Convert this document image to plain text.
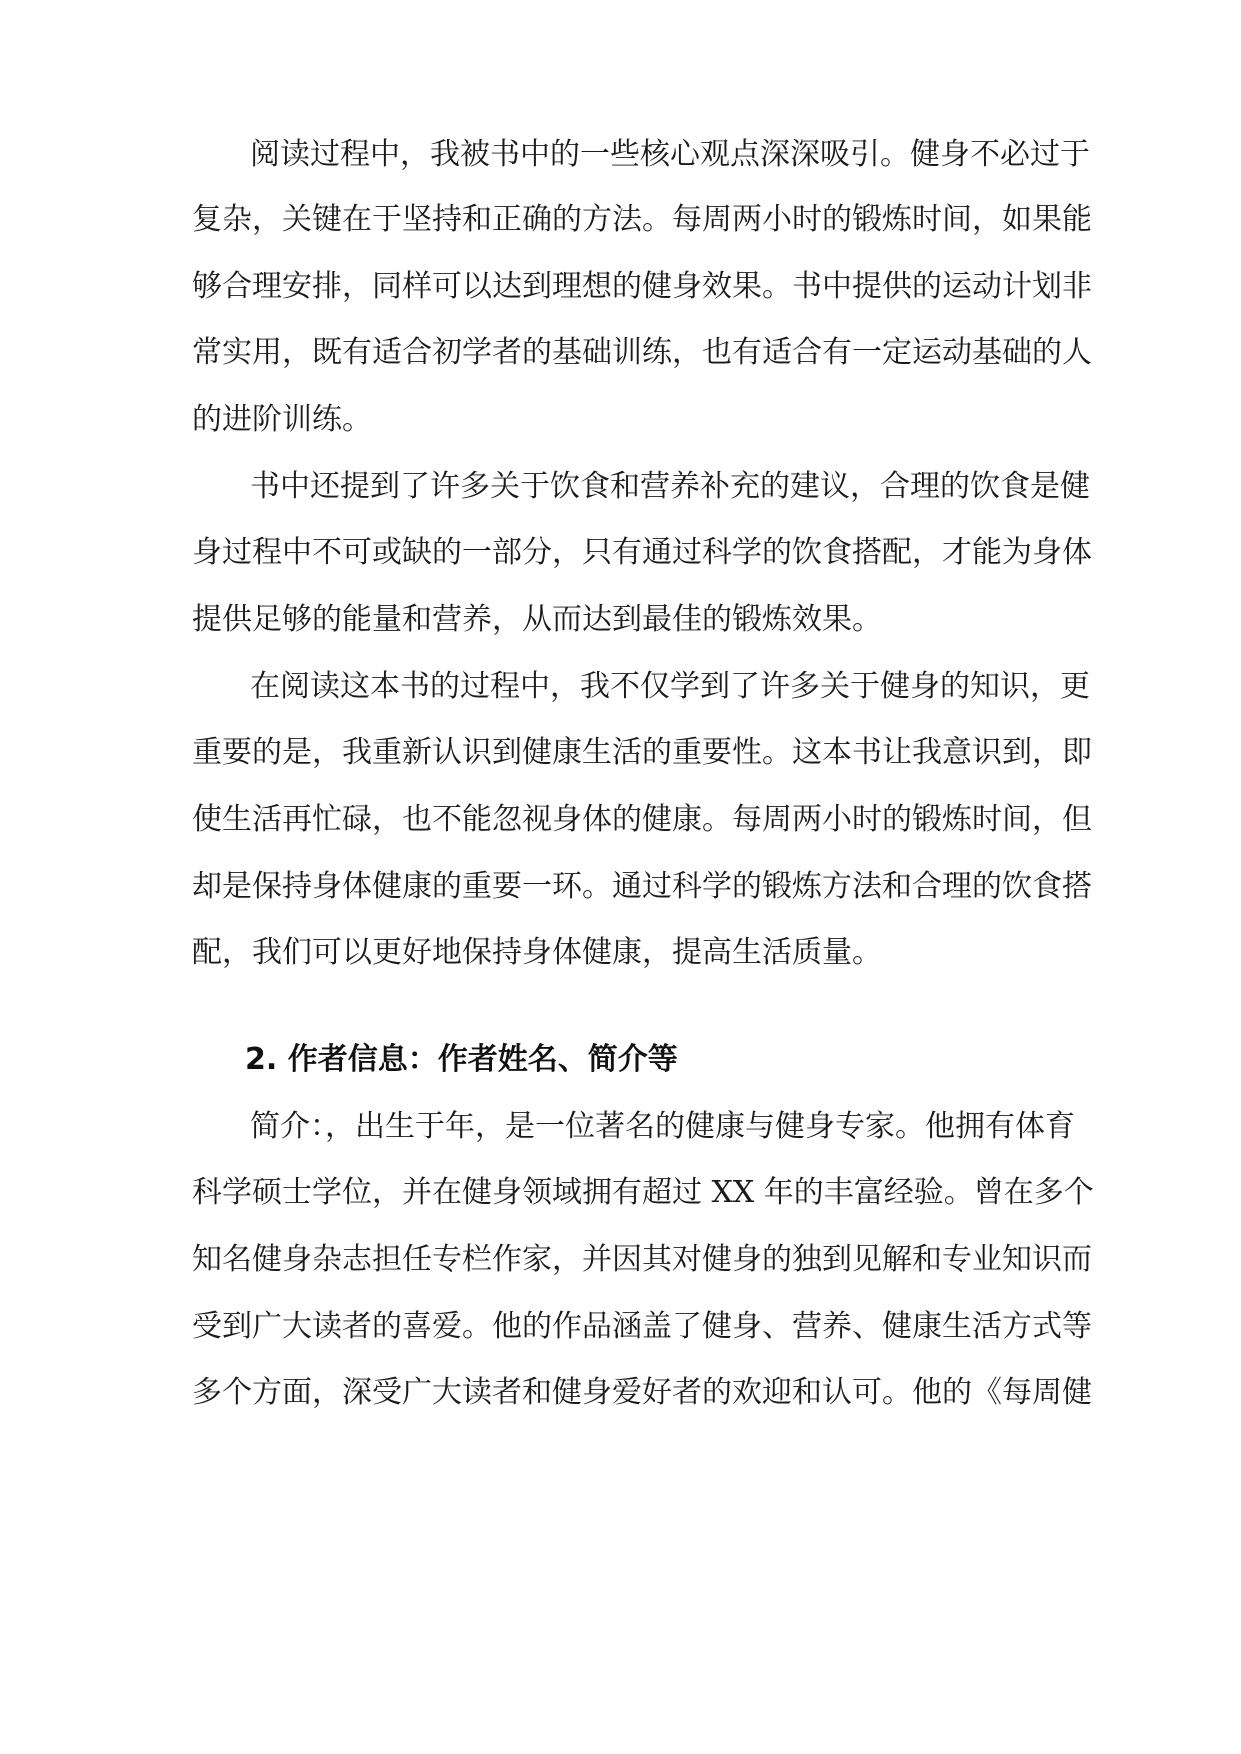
阅读过程中，我被书中的一些核心观点深深吸引。健身不必过于
复杂，关键在于坚持和正确的方法。每周两小时的锻炼时间，如果能
够合理安排，同样可以达到理想的健身效果。书中提供的运动计划非
常实用，既有适合初学者的基础训练，也有适合有一定运动基础的人
的进阶训练。
书中还提到了许多关于饮食和营养补充的建议，合理的饮食是健
身过程中不可或缺的一部分，只有通过科学的饮食搭配，才能为身体
提供足够的能量和营养，从而达到最佳的锻炼效果。
在阅读这本书的过程中，我不仅学到了许多关于健身的知识，更
重要的是，我重新认识到健康生活的重要性。这本书让我意识到，即
使生活再忙碌，也不能忽视身体的健康。每周两小时的锻炼时间，但
却是保持身体健康的重要一环。通过科学的锻炼方法和合理的饮食搭
配，我们可以更好地保持身体健康，提高生活质量。
2. 作者信息：作者姓名、简介等
简介：，出生于年，是一位著名的健康与健身专家。他拥有体育
科学硕士学位，并在健身领域拥有超过 XX 年的丰富经验。曾在多个
知名健身杂志担任专栏作家，并因其对健身的独到见解和专业知识而
受到广大读者的喜爱。他的作品涵盖了健身、营养、健康生活方式等
多个方面，深受广大读者和健身爱好者的欢迎和认可。他的《每周健
